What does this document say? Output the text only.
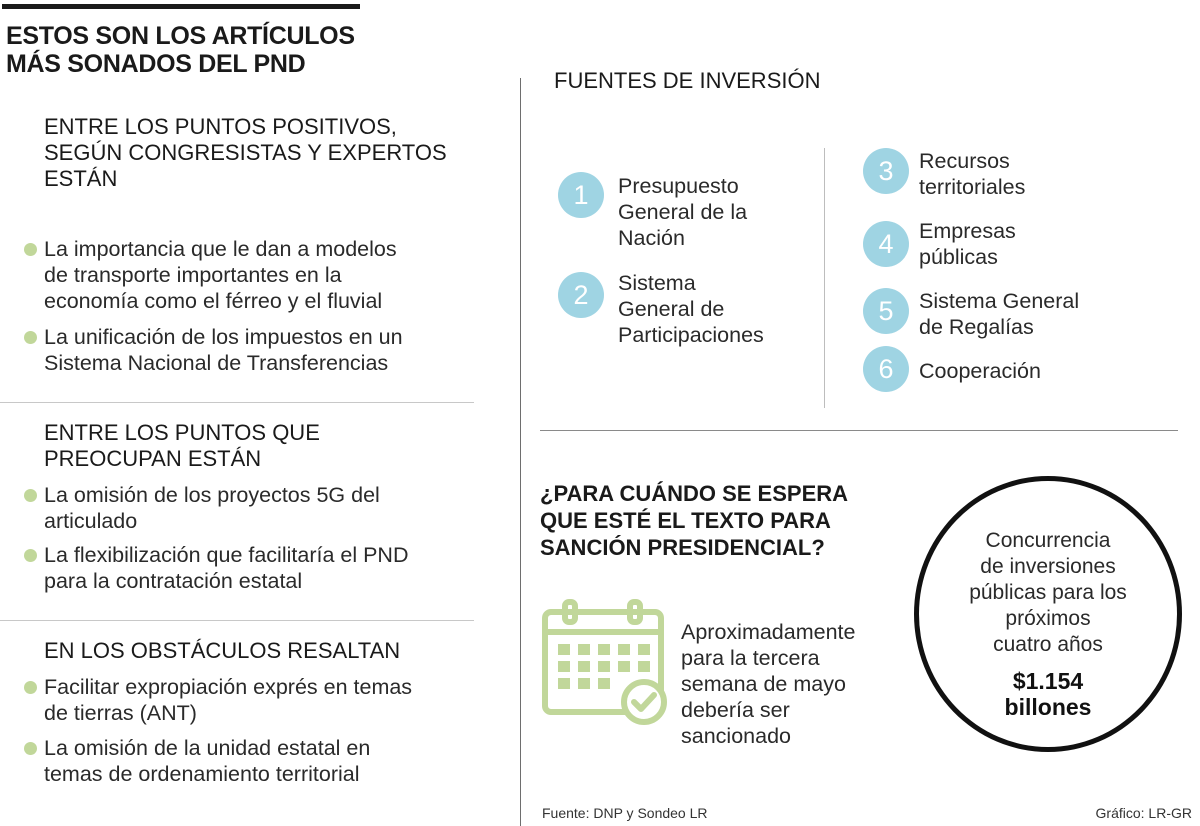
ESTOS SON LOS ARTÍCULOS
MÁS SONADOS DEL PND
ENTRE LOS PUNTOS POSITIVOS,
SEGÚN CONGRESISTAS Y EXPERTOS
ESTÁN
La importancia que le dan a modelos
de transporte importantes en la
economía como el férreo y el fluvial
La unificación de los impuestos en un
Sistema Nacional de Transferencias
ENTRE LOS PUNTOS QUE
PREOCUPAN ESTÁN
La omisión de los proyectos 5G del
articulado
La flexibilización que facilitaría el PND
para la contratación estatal
EN LOS OBSTÁCULOS RESALTAN
Facilitar expropiación exprés en temas
de tierras (ANT)
La omisión de la unidad estatal en
temas de ordenamiento territorial
FUENTES DE INVERSIÓN
1	Presupuesto
General de la
Nación
2	Sistema
General de
Participaciones
3	Recursos
territoriales
4	Empresas
públicas
5	Sistema General
de Regalías
6	Cooperación
¿PARA CUÁNDO SE ESPERA
QUE ESTÉ EL TEXTO PARA
SANCIÓN PRESIDENCIAL?
Aproximadamente
para la tercera
semana de mayo
debería ser
sancionado
Concurrencia
de inversiones
públicas para los
próximos
cuatro años
$1.154
billones
Fuente: DNP y Sondeo LR	Gráfico: LR-GR
